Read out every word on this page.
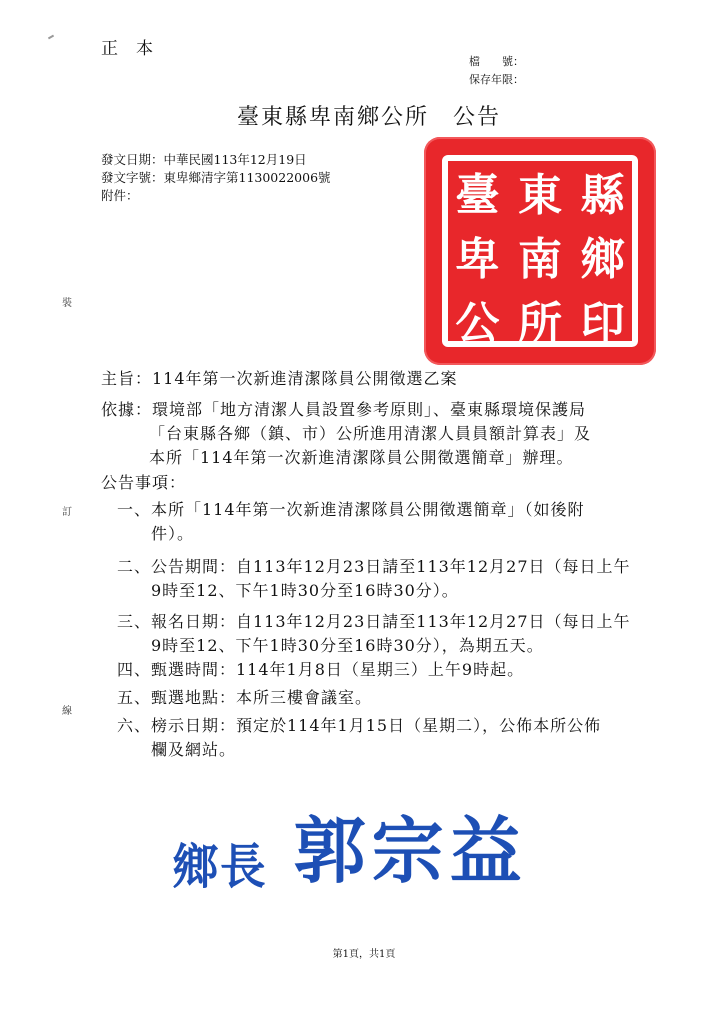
正本
檔　　號：
保存年限：
臺東縣卑南鄉公所　公告
發文日期：中華民國113年12月19日
發文字號：東卑鄉清字第1130022006號
附件：	臺 東 縣
卑 南 鄉
公 所 印
裝
訂
線
主旨：114年第一次新進清潔隊員公開徵選乙案
依據：環境部「地方清潔人員設置參考原則」、臺東縣環境保護局
「台東縣各鄉（鎮、市）公所進用清潔人員員額計算表」及
本所「114年第一次新進清潔隊員公開徵選簡章」辦理。
公告事項：
一、本所「114年第一次新進清潔隊員公開徵選簡章」（如後附
　　件）。
二、公告期間：自113年12月23日請至113年12月27日（每日上午
　　9時至12、下午1時30分至16時30分）。
三、報名日期：自113年12月23日請至113年12月27日（每日上午
　　9時至12、下午1時30分至16時30分），為期五天。
四、甄選時間：114年1月8日（星期三）上午9時起。
五、甄選地點：本所三樓會議室。
六、榜示日期：預定於114年1月15日（星期二），公佈本所公佈
　　欄及網站。
鄉長 郭宗益
第1頁，共1頁
